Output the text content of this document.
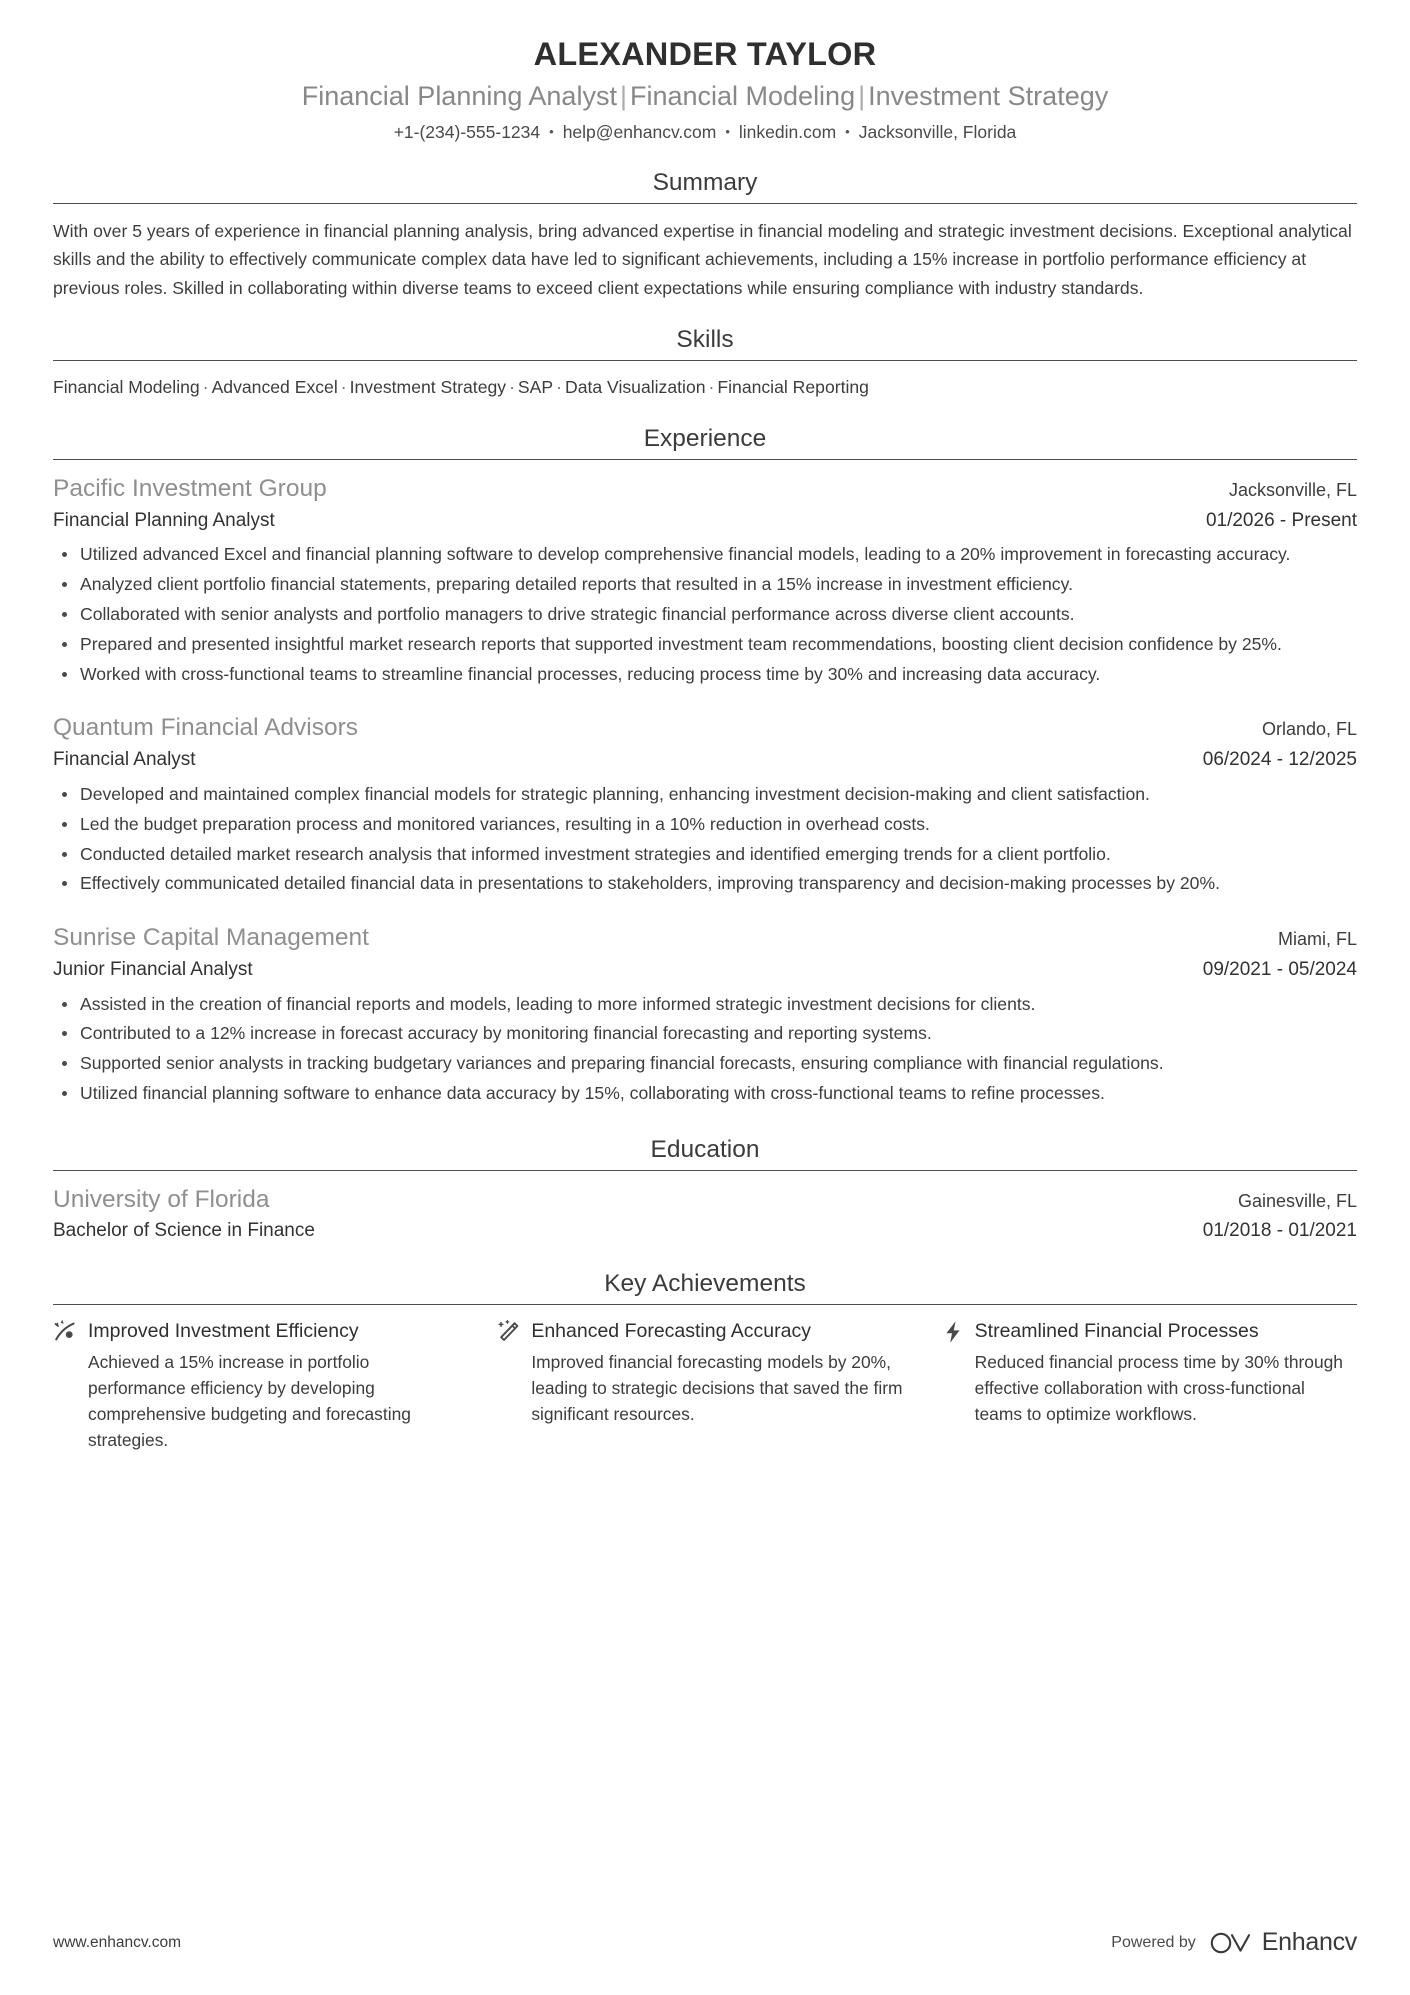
ALEXANDER TAYLOR
Financial Planning Analyst | Financial Modeling | Investment Strategy
+1-(234)-555-1234 • help@enhancv.com • linkedin.com • Jacksonville, Florida
Summary

With over 5 years of experience in financial planning analysis, bring advanced expertise in financial modeling and strategic investment decisions. Exceptional analytical skills and the ability to effectively communicate complex data have led to significant achievements, including a 15% increase in portfolio performance efficiency at previous roles. Skilled in collaborating within diverse teams to exceed client expectations while ensuring compliance with industry standards.

Skills
Financial Modeling · Advanced Excel · Investment Strategy · SAP · Data Visualization · Financial Reporting
Experience
Pacific Investment Group	Jacksonville, FL
Financial Planning Analyst	01/2026 - Present
Utilized advanced Excel and financial planning software to develop comprehensive financial models, leading to a 20% improvement in forecasting accuracy.
Analyzed client portfolio financial statements, preparing detailed reports that resulted in a 15% increase in investment efficiency.
Collaborated with senior analysts and portfolio managers to drive strategic financial performance across diverse client accounts.
Prepared and presented insightful market research reports that supported investment team recommendations, boosting client decision confidence by 25%.
Worked with cross-functional teams to streamline financial processes, reducing process time by 30% and increasing data accuracy.
Quantum Financial Advisors	Orlando, FL
Financial Analyst	06/2024 - 12/2025
Developed and maintained complex financial models for strategic planning, enhancing investment decision-making and client satisfaction.
Led the budget preparation process and monitored variances, resulting in a 10% reduction in overhead costs.
Conducted detailed market research analysis that informed investment strategies and identified emerging trends for a client portfolio.
Effectively communicated detailed financial data in presentations to stakeholders, improving transparency and decision-making processes by 20%.
Sunrise Capital Management	Miami, FL
Junior Financial Analyst	09/2021 - 05/2024
Assisted in the creation of financial reports and models, leading to more informed strategic investment decisions for clients.
Contributed to a 12% increase in forecast accuracy by monitoring financial forecasting and reporting systems.
Supported senior analysts in tracking budgetary variances and preparing financial forecasts, ensuring compliance with financial regulations.
Utilized financial planning software to enhance data accuracy by 15%, collaborating with cross-functional teams to refine processes.
Education
University of Florida	Gainesville, FL
Bachelor of Science in Finance	01/2018 - 01/2021
Key Achievements
Improved Investment Efficiency
Achieved a 15% increase in portfolio performance efficiency by developing comprehensive budgeting and forecasting strategies.
Enhanced Forecasting Accuracy
Improved financial forecasting models by 20%, leading to strategic decisions that saved the firm significant resources.
Streamlined Financial Processes
Reduced financial process time by 30% through effective collaboration with cross-functional teams to optimize workflows.
www.enhancv.com	Powered by	Enhancv
